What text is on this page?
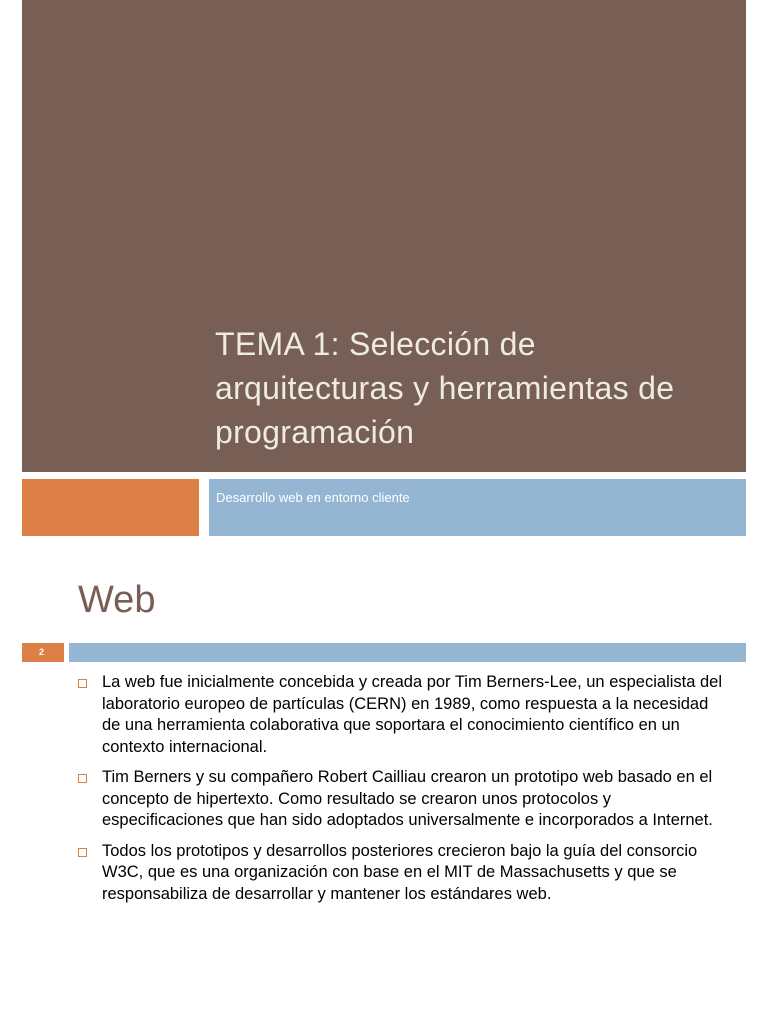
TEMA 1: Selección de arquitecturas y herramientas de programación

Desarrollo web en entorno cliente

Web
2
La web fue inicialmente concebida y creada por Tim Berners-Lee, un especialista del laboratorio europeo de partículas (CERN) en 1989, como respuesta a la necesidad de una herramienta colaborativa que soportara el conocimiento científico en un contexto internacional.
Tim Berners y su compañero Robert Cailliau crearon un prototipo web basado en el concepto de hipertexto. Como resultado se crearon unos protocolos y especificaciones que han sido adoptados universalmente e incorporados a Internet.
Todos los prototipos y desarrollos posteriores crecieron bajo la guía del consorcio W3C, que es una organización con base en el MIT de Massachusetts y que se responsabiliza de desarrollar y mantener los estándares web.
